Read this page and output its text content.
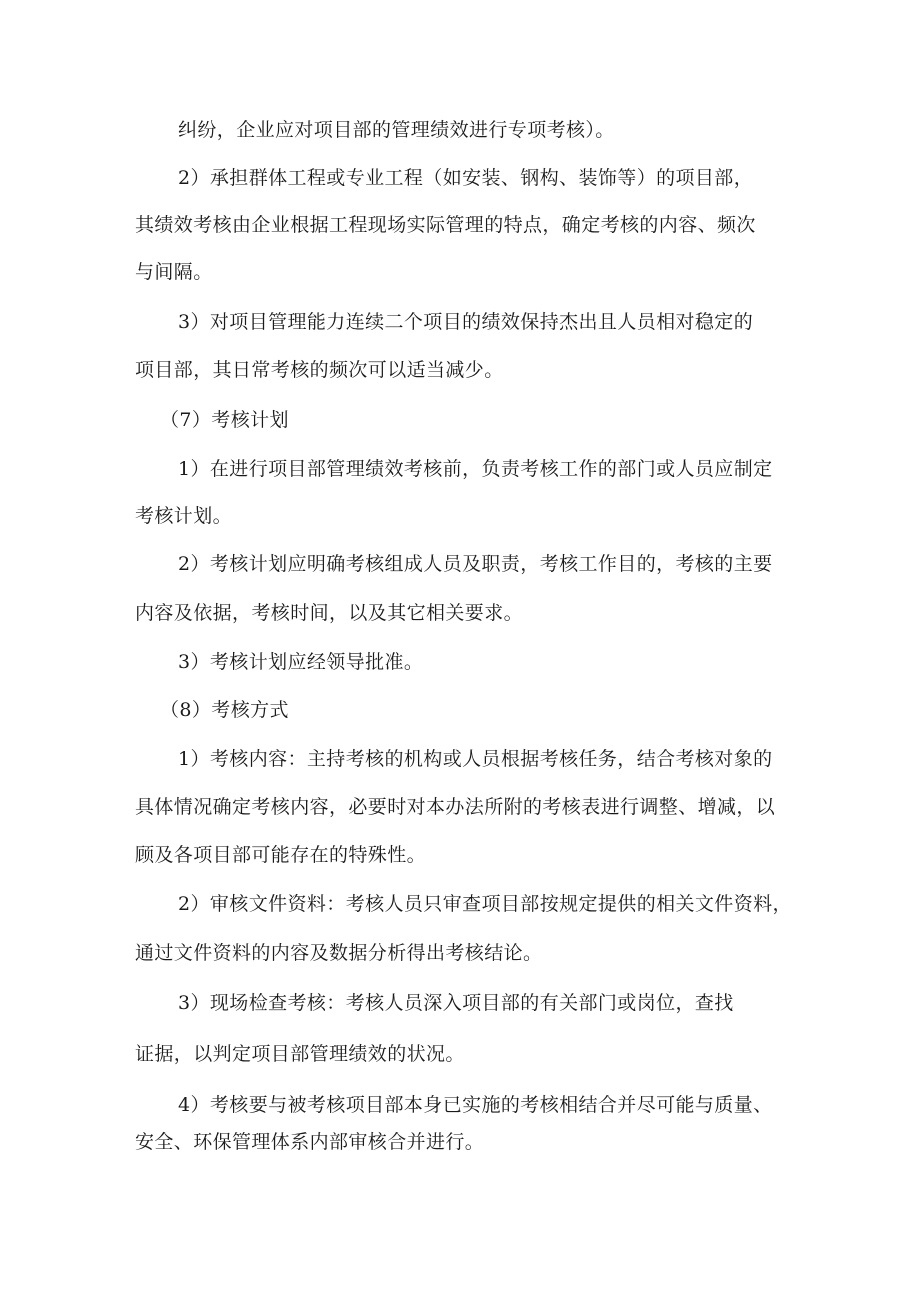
纠纷，企业应对项目部的管理绩效进行专项考核）。
2）承担群体工程或专业工程（如安装、钢构、装饰等）的项目部，
其绩效考核由企业根据工程现场实际管理的特点，确定考核的内容、频次
与间隔。
3）对项目管理能力连续二个项目的绩效保持杰出且人员相对稳定的
项目部，其日常考核的频次可以适当减少。
（7）考核计划
1）在进行项目部管理绩效考核前，负责考核工作的部门或人员应制定
考核计划。
2）考核计划应明确考核组成人员及职责，考核工作目的，考核的主要
内容及依据，考核时间，以及其它相关要求。
3）考核计划应经领导批准。
（8）考核方式
1）考核内容：主持考核的机构或人员根据考核任务，结合考核对象的
具体情况确定考核内容，必要时对本办法所附的考核表进行调整、增减，以
顾及各项目部可能存在的特殊性。
2）审核文件资料：考核人员只审查项目部按规定提供的相关文件资料，
通过文件资料的内容及数据分析得出考核结论。
3）现场检查考核：考核人员深入项目部的有关部门或岗位，查找
证据，以判定项目部管理绩效的状况。
4）考核要与被考核项目部本身已实施的考核相结合并尽可能与质量、
安全、环保管理体系内部审核合并进行。
